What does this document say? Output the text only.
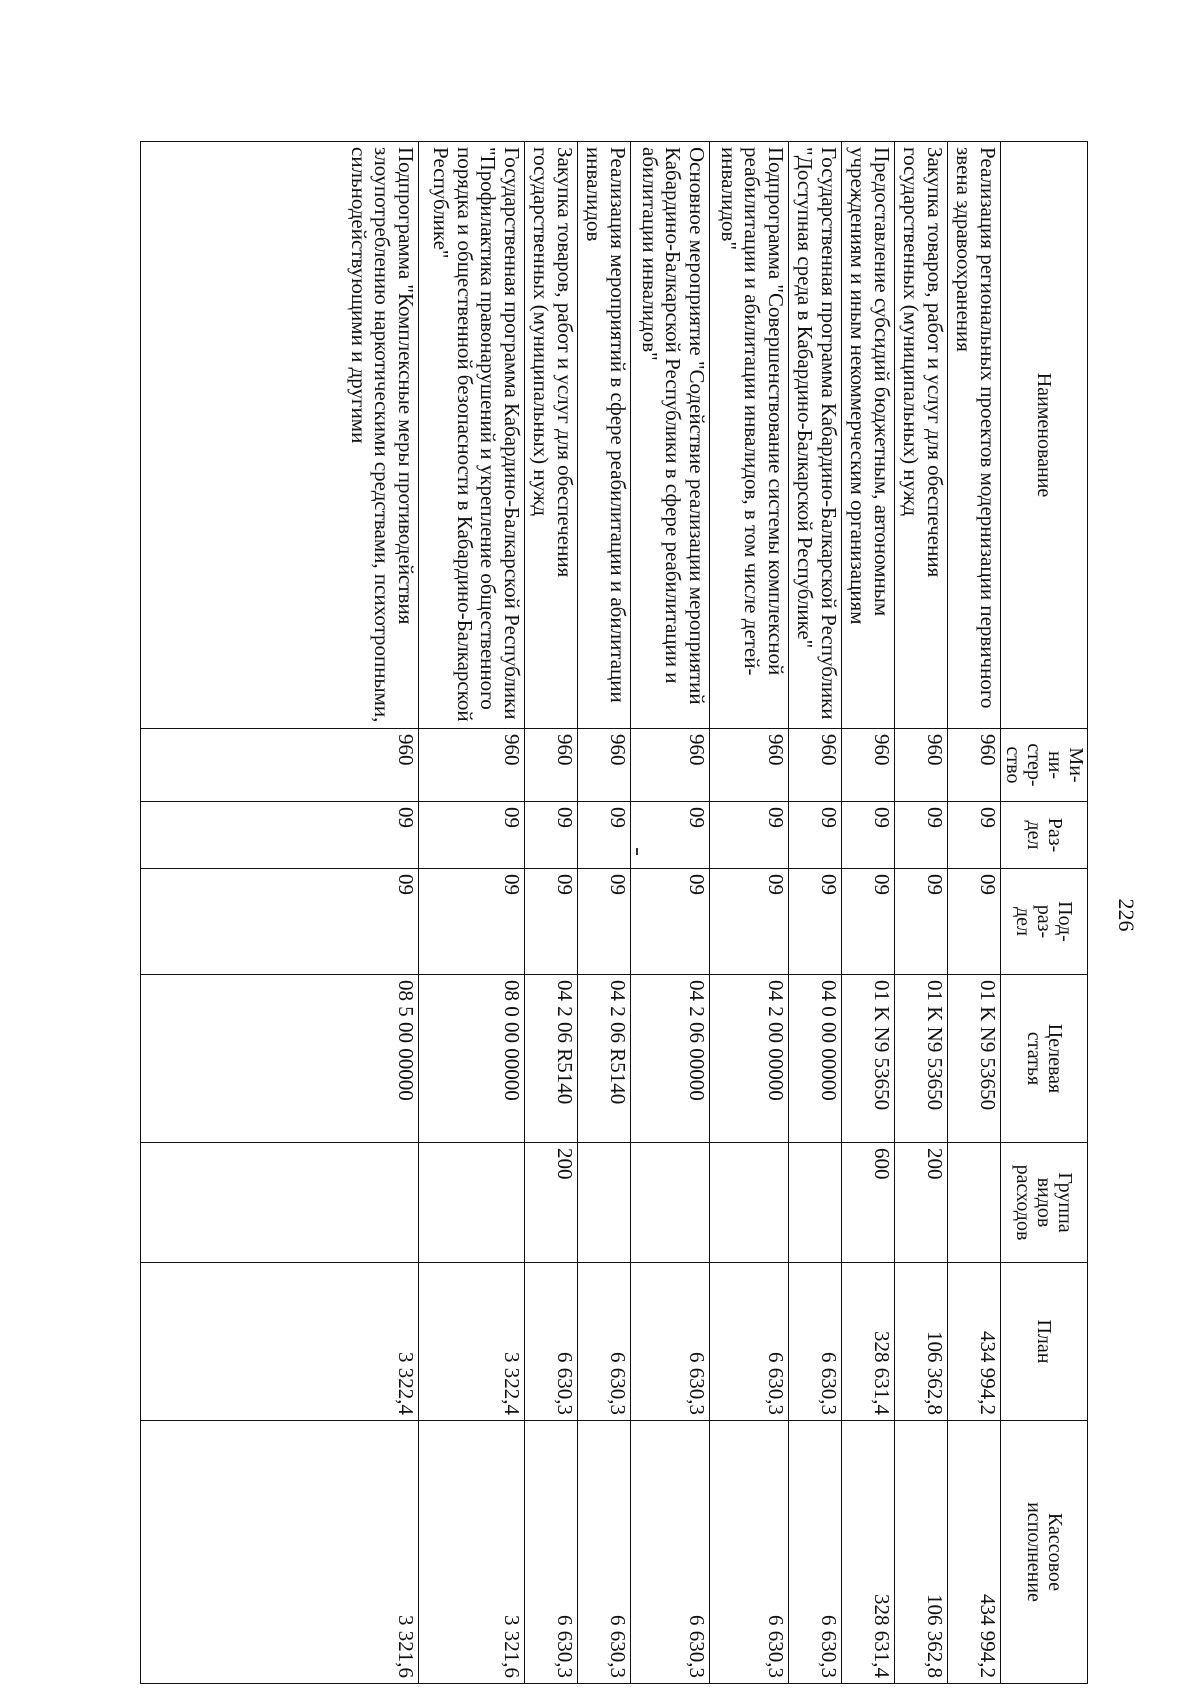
226
Наименование	Ми-
ни-
стер-
ство	Раз-
дел	Под-
раз-
дел	Целевая
статья	Группа
видов
расходов	План	Кассовое
исполнение
Реализация региональных проектов модернизации первичного звена здравоохранения	960	09	09	01 K N9 53650		434 994,2	434 994,2
Закупка товаров, работ и услуг для обеспечения государственных (муниципальных) нужд	960	09	09	01 K N9 53650	200	106 362,8	106 362,8
Предоставление субсидий бюджетным, автономным учреждениям и иным некоммерческим организациям	960	09	09	01 K N9 53650	600	328 631,4	328 631,4
Государственная программа Кабардино-Балкарской Республики "Доступная среда в Кабардино-Балкарской Республике"	960	09	09	04 0 00 00000		6 630,3	6 630,3
Подпрограмма "Совершенствование системы комплексной реабилитации и абилитации инвалидов, в том числе детей-инвалидов"	960	09	09	04 2 00 00000		6 630,3	6 630,3
Основное мероприятие "Содействие реализации мероприятий Кабардино-Балкарской Республики в сфере реабилитации и абилитации инвалидов"	960	09	09	04 2 06 00000		6 630,3	6 630,3
Реализация мероприятий в сфере реабилитации и абилитации инвалидов	960	09	09	04 2 06 R5140		6 630,3	6 630,3
Закупка товаров, работ и услуг для обеспечения государственных (муниципальных) нужд	960	09	09	04 2 06 R5140	200	6 630,3	6 630,3
Государственная программа Кабардино-Балкарской Республики "Профилактика правонарушений и укрепление общественного порядка и общественной безопасности в Кабардино-Балкарской Республике"	960	09	09	08 0 00 00000		3 322,4	3 321,6
Подпрограмма "Комплексные меры противодействия злоупотреблению наркотическими средствами, психотропными, сильнодействующими и другими	960	09	09	08 5 00 00000		3 322,4	3 321,6
